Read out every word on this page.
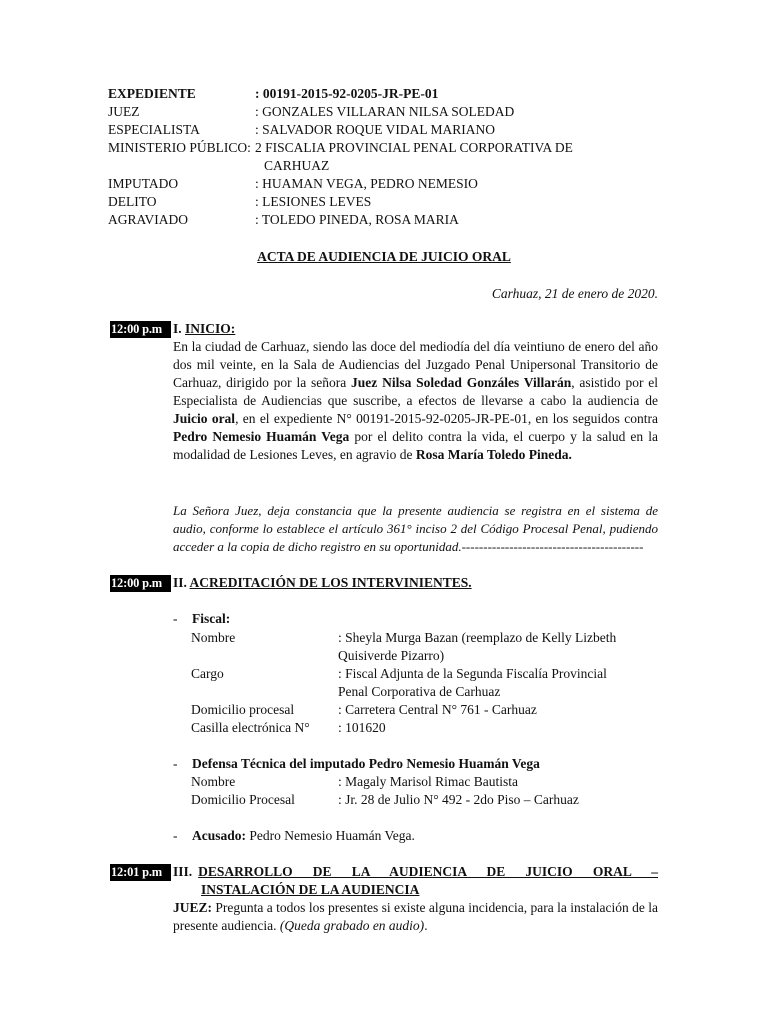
EXPEDIENTE	: 00191-2015-92-0205-JR-PE-01
JUEZ	: GONZALES VILLARAN NILSA SOLEDAD
ESPECIALISTA	: SALVADOR ROQUE VIDAL MARIANO
MINISTERIO PÚBLICO: 2 FISCALIA PROVINCIAL PENAL CORPORATIVA DE
CARHUAZ
IMPUTADO	: HUAMAN VEGA, PEDRO NEMESIO
DELITO	: LESIONES LEVES
AGRAVIADO	: TOLEDO PINEDA, ROSA MARIA
ACTA DE AUDIENCIA DE JUICIO ORAL
Carhuaz, 21 de enero de 2020.
12:00 p.m I. INICIO:
En la ciudad de Carhuaz, siendo las doce del mediodía del día veintiuno de enero del año dos mil veinte, en la Sala de Audiencias del Juzgado Penal Unipersonal Transitorio de Carhuaz, dirigido por la señora Juez Nilsa Soledad Gonzáles Villarán, asistido por el Especialista de Audiencias que suscribe, a efectos de llevarse a cabo la audiencia de Juicio oral, en el expediente N° 00191-2015-92-0205-JR-PE-01, en los seguidos contra Pedro Nemesio Huamán Vega por el delito contra la vida, el cuerpo y la salud en la modalidad de Lesiones Leves, en agravio de Rosa María Toledo Pineda.
La Señora Juez, deja constancia que la presente audiencia se registra en el sistema de audio, conforme lo establece el artículo 361° inciso 2 del Código Procesal Penal, pudiendo acceder a la copia de dicho registro en su oportunidad.------------------------------------------
12:00 p.m II. ACREDITACIÓN DE LOS INTERVINIENTES.
- Fiscal:
Nombre	: Sheyla Murga Bazan (reemplazo de Kelly Lizbeth
Quisiverde Pizarro)
Cargo	: Fiscal Adjunta de la Segunda Fiscalía Provincial
Penal Corporativa de Carhuaz
Domicilio procesal	: Carretera Central N° 761 - Carhuaz
Casilla electrónica N°	: 101620
- Defensa Técnica del imputado Pedro Nemesio Huamán Vega
Nombre	: Magaly Marisol Rimac Bautista
Domicilio Procesal	: Jr. 28 de Julio N° 492 - 2do Piso – Carhuaz
- Acusado: Pedro Nemesio Huamán Vega.
12:01 p.m III. DESARROLLO DE LA AUDIENCIA DE JUICIO ORAL –
INSTALACIÓN DE LA AUDIENCIA
JUEZ: Pregunta a todos los presentes si existe alguna incidencia, para la instalación de la presente audiencia. (Queda grabado en audio).
